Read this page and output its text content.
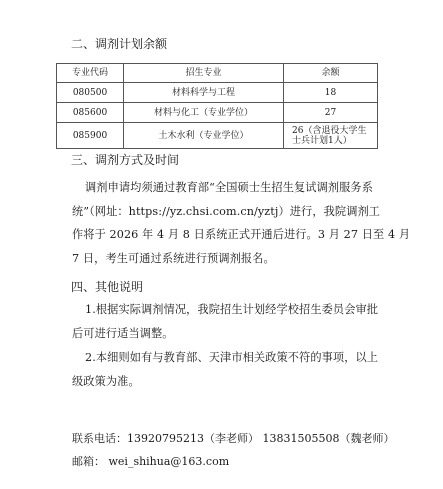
二、调剂计划余额
专业代码	招生专业	余额
080500	材料科学与工程	18
085600	材料与化工（专业学位）	27
085900	土木水利（专业学位）	26（含退役大学生士兵计划1人）
三、调剂方式及时间
调剂申请均须通过教育部“全国硕士生招生复试调剂服务系
统”（网址：https://yz.chsi.com.cn/yztj）进行，我院调剂工
作将于 2026 年 4 月 8 日系统正式开通后进行。3 月 27 日至 4 月
7 日，考生可通过系统进行预调剂报名。
四、其他说明
1.根据实际调剂情况，我院招生计划经学校招生委员会审批
后可进行适当调整。
2.本细则如有与教育部、天津市相关政策不符的事项，以上
级政策为准。
联系电话：13920795213（李老师） 13831505508（魏老师）
邮箱： wei_shihua@163.com
